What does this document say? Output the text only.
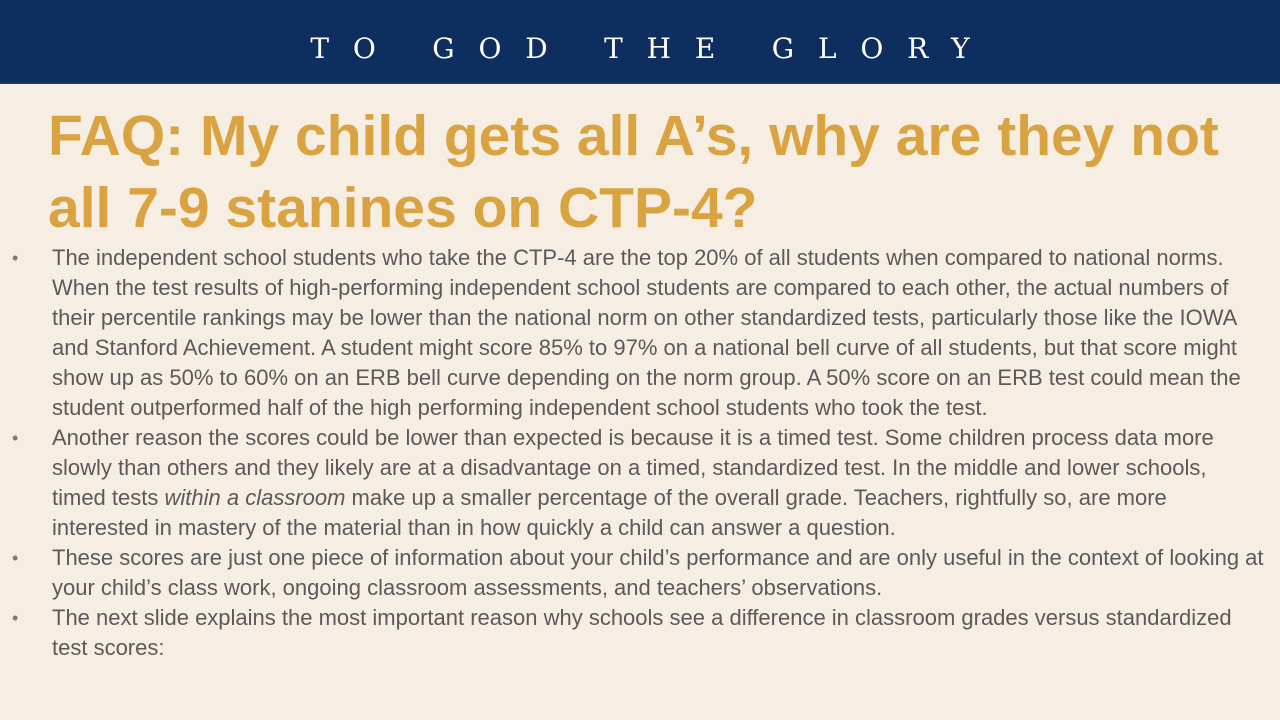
TO GOD THE GLORY
FAQ: My child gets all A’s, why are they not all 7-9 stanines on CTP-4?
• The independent school students who take the CTP-4 are the top 20% of all students when compared to national norms. When the test results of high-performing independent school students are compared to each other, the actual numbers of their percentile rankings may be lower than the national norm on other standardized tests, particularly those like the IOWA and Stanford Achievement. A student might score 85% to 97% on a national bell curve of all students, but that score might show up as 50% to 60% on an ERB bell curve depending on the norm group. A 50% score on an ERB test could mean the student outperformed half of the high performing independent school students who took the test.
• Another reason the scores could be lower than expected is because it is a timed test. Some children process data more slowly than others and they likely are at a disadvantage on a timed, standardized test. In the middle and lower schools, timed tests within a classroom make up a smaller percentage of the overall grade. Teachers, rightfully so, are more interested in mastery of the material than in how quickly a child can answer a question.
• These scores are just one piece of information about your child’s performance and are only useful in the context of looking at your child’s class work, ongoing classroom assessments, and teachers’ observations.
• The next slide explains the most important reason why schools see a difference in classroom grades versus standardized test scores:
